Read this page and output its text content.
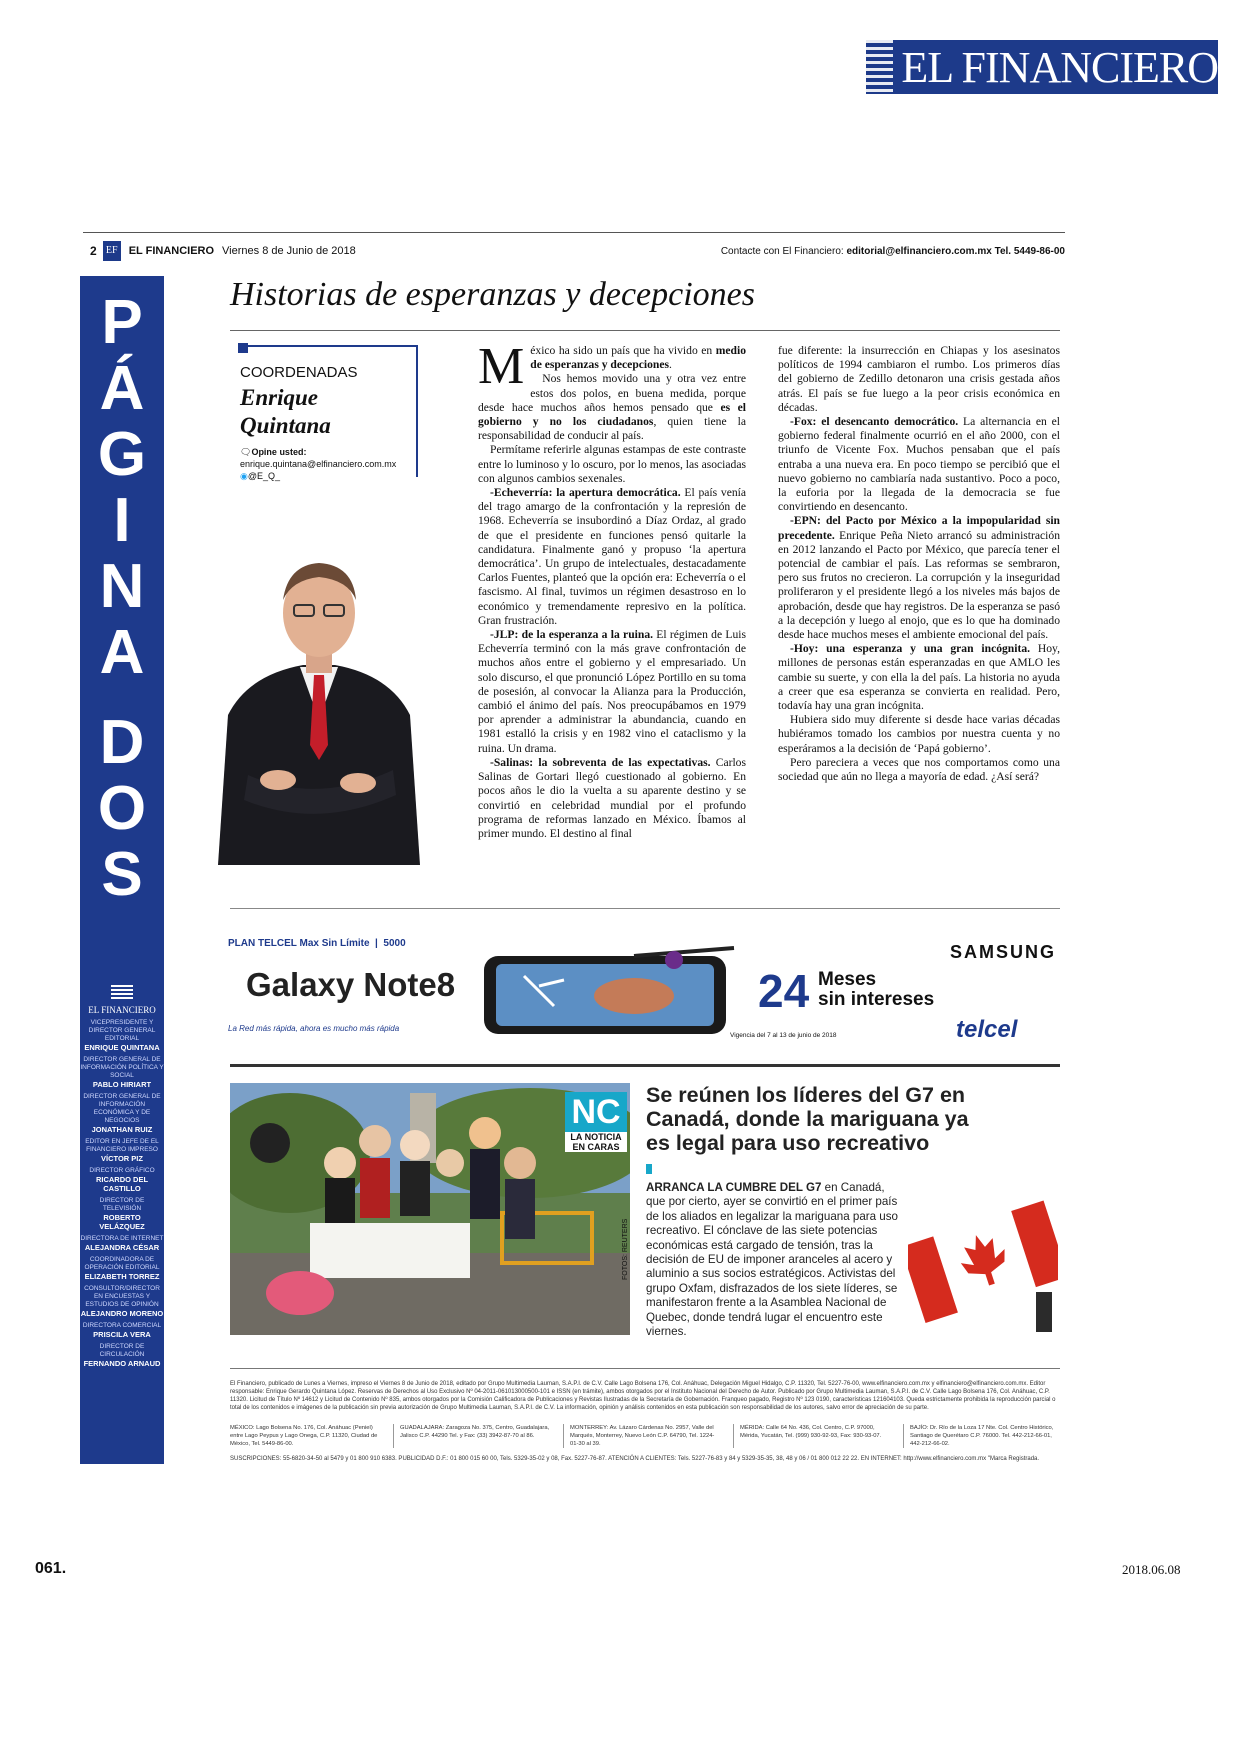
EL FINANCIERO
2 EF EL FINANCIERO Viernes 8 de Junio de 2018	Contacte con El Financiero: editorial@elfinanciero.com.mx Tel. 5449-86-00
P
Á
G
I
N
A
D
O
S
EL FINANCIERO
VICEPRESIDENTE Y DIRECTOR GENERAL EDITORIAL
ENRIQUE QUINTANA
DIRECTOR GENERAL DE INFORMACIÓN POLÍTICA Y SOCIAL
PABLO HIRIART
DIRECTOR GENERAL DE INFORMACIÓN ECONÓMICA Y DE NEGOCIOS
JONATHAN RUIZ
EDITOR EN JEFE DE EL FINANCIERO IMPRESO
VÍCTOR PIZ
DIRECTOR GRÁFICO
RICARDO DEL CASTILLO
DIRECTOR DE TELEVISIÓN
ROBERTO VELÁZQUEZ
DIRECTORA DE INTERNET
ALEJANDRA CÉSAR
COORDINADORA DE OPERACIÓN EDITORIAL
ELIZABETH TORREZ
CONSULTOR/DIRECTOR EN ENCUESTAS Y ESTUDIOS DE OPINIÓN
ALEJANDRO MORENO
DIRECTORA COMERCIAL
PRISCILA VERA
DIRECTOR DE CIRCULACIÓN
FERNANDO ARNAUD
Historias de esperanzas y decepciones
COORDENADAS
Enrique
Quintana
🗨Opine usted:
enrique.quintana@elfinanciero.com.mx
◉@E_Q_
M éxico ha sido un país que ha vivido en medio de esperanzas y decepciones.

Nos hemos movido una y otra vez entre estos dos polos, en buena medida, porque desde hace muchos años hemos pensado que es el gobierno y no los ciudadanos, quien tiene la responsabilidad de conducir al país.

Permítame referirle algunas estampas de este contraste entre lo luminoso y lo oscuro, por lo menos, las asociadas con algunos cambios sexenales.

-Echeverría: la apertura democrática. El país venía del trago amargo de la confrontación y la represión de 1968. Echeverría se insubordinó a Díaz Ordaz, al grado de que el presidente en funciones pensó quitarle la candidatura. Finalmente ganó y propuso ‘la apertura democrática’. Un grupo de intelectuales, destacadamente Carlos Fuentes, planteó que la opción era: Echeverría o el fascismo. Al final, tuvimos un régimen desastroso en lo económico y tremendamente represivo en la política. Gran frustración.

-JLP: de la esperanza a la ruina. El régimen de Luis Echeverría terminó con la más grave confrontación de muchos años entre el gobierno y el empresariado. Un solo discurso, el que pronunció López Portillo en su toma de posesión, al convocar la Alianza para la Producción, cambió el ánimo del país. Nos preocupábamos en 1979 por aprender a administrar la abundancia, cuando en 1981 estalló la crisis y en 1982 vino el cataclismo y la ruina. Un drama.

-Salinas: la sobreventa de las expectativas. Carlos Salinas de Gortari llegó cuestionado al gobierno. En pocos años le dio la vuelta a su aparente destino y se convirtió en celebridad mundial por el profundo programa de reformas lanzado en México. Íbamos al primer mundo. El destino al final

fue diferente: la insurrección en Chiapas y los asesinatos políticos de 1994 cambiaron el rumbo. Los primeros días del gobierno de Zedillo detonaron una crisis gestada años atrás. El país se fue luego a la peor crisis económica en décadas.

-Fox: el desencanto democrático. La alternancia en el gobierno federal finalmente ocurrió en el año 2000, con el triunfo de Vicente Fox. Muchos pensaban que el país entraba a una nueva era. En poco tiempo se percibió que el nuevo gobierno no cambiaría nada sustantivo. Poco a poco, la euforia por la llegada de la democracia se fue convirtiendo en desencanto.

-EPN: del Pacto por México a la impopularidad sin precedente. Enrique Peña Nieto arrancó su administración en 2012 lanzando el Pacto por México, que parecía tener el potencial de cambiar el país. Las reformas se sembraron, pero sus frutos no crecieron. La corrupción y la inseguridad proliferaron y el presidente llegó a los niveles más bajos de aprobación, desde que hay registros. De la esperanza se pasó a la decepción y luego al enojo, que es lo que ha dominado desde hace muchos meses el ambiente emocional del país.

-Hoy: una esperanza y una gran incógnita. Hoy, millones de personas están esperanzadas en que AMLO les cambie su suerte, y con ella la del país. La historia no ayuda a creer que esa esperanza se convierta en realidad. Pero, todavía hay una gran incógnita.

Hubiera sido muy diferente si desde hace varias décadas hubiéramos tomado los cambios por nuestra cuenta y no esperáramos a la decisión de ‘Papá gobierno’.

Pero pareciera a veces que nos comportamos como una sociedad que aún no llega a mayoría de edad. ¿Así será?

PLAN TELCEL Max Sin Límite  |  5000
Galaxy Note8
La Red más rápida, ahora es mucho más rápida
24 Meses
sin intereses
Vigencia del 7 al 13 de junio de 2018
SAMSUNG
telcel
NC
LA NOTICIA EN CARAS
FOTOS: REUTERS
Se reúnen los líderes del G7 en Canadá, donde la mariguana ya es legal para uso recreativo
ARRANCA LA CUMBRE DEL G7 en Canadá, que por cierto, ayer se convirtió en el primer país de los aliados en legalizar la mariguana para uso recreativo. El cónclave de las siete potencias económicas está cargado de tensión, tras la decisión de EU de imponer aranceles al acero y aluminio a sus socios estratégicos. Activistas del grupo Oxfam, disfrazados de los siete líderes, se manifestaron frente a la Asamblea Nacional de Quebec, donde tendrá lugar el encuentro este viernes.
El Financiero, publicado de Lunes a Viernes, impreso el Viernes 8 de Junio de 2018, editado por Grupo Multimedia Lauman, S.A.P.I. de C.V. Calle Lago Bolsena 176, Col. Anáhuac, Delegación Miguel Hidalgo, C.P. 11320, Tel. 5227-76-00, www.elfinanciero.com.mx y elfinanciero@elfinanciero.com.mx. Editor responsable: Enrique Gerardo Quintana López. Reservas de Derechos al Uso Exclusivo Nº 04-2011-061013000500-101 e ISSN (en trámite), ambos otorgados por el Instituto Nacional del Derecho de Autor. Publicado por Grupo Multimedia Lauman, S.A.P.I. de C.V. Calle Lago Bolsena 176, Col. Anáhuac, C.P. 11320. Licitud de Título Nº 14612 y Licitud de Contenido Nº 835, ambos otorgados por la Comisión Calificadora de Publicaciones y Revistas Ilustradas de la Secretaría de Gobernación. Franqueo pagado, Registro Nº 123 0190, características 121604103. Queda estrictamente prohibida la reproducción parcial o total de los contenidos e imágenes de la publicación sin previa autorización de Grupo Multimedia Lauman, S.A.P.I. de C.V. La información, opinión y análisis contenidos en esta publicación son responsabilidad de los autores, salvo error de apreciación de su parte.
MÉXICO: Lago Bolsena No. 176, Col. Anáhuac (Peniel) entre Lago Peypus y Lago Onega, C.P. 11320, Ciudad de México, Tel. 5449-86-00.
GUADALAJARA: Zaragoza No. 375, Centro, Guadalajara, Jalisco C.P. 44290 Tel. y Fax: (33) 3942-87-70 al 86.
MONTERREY: Av. Lázaro Cárdenas No. 2957, Valle del Marqués, Monterrey, Nuevo León C.P. 64790, Tel. 1224-01-30 al 39.
MÉRIDA: Calle 64 No. 436, Col. Centro, C.P. 97000, Mérida, Yucatán, Tel. (999) 930-92-93, Fax: 930-93-07.
BAJÍO: Dr. Río de la Loza 17 Nte. Col. Centro Histórico, Santiago de Querétaro C.P. 76000. Tel. 442-212-66-01, 442-212-66-02.
SUSCRIPCIONES: 55-6820-34-50 al 5479 y 01 800 910 6383. PUBLICIDAD D.F.: 01 800 015 60 00, Tels. 5329-35-02 y 08, Fax. 5227-76-87. ATENCIÓN A CLIENTES: Tels. 5227-76-83 y 84 y 5329-35-35, 38, 48 y 06 / 01 800 012 22 22. EN INTERNET: http://www.elfinanciero.com.mx ''Marca Registrada.
061.	2018.06.08
